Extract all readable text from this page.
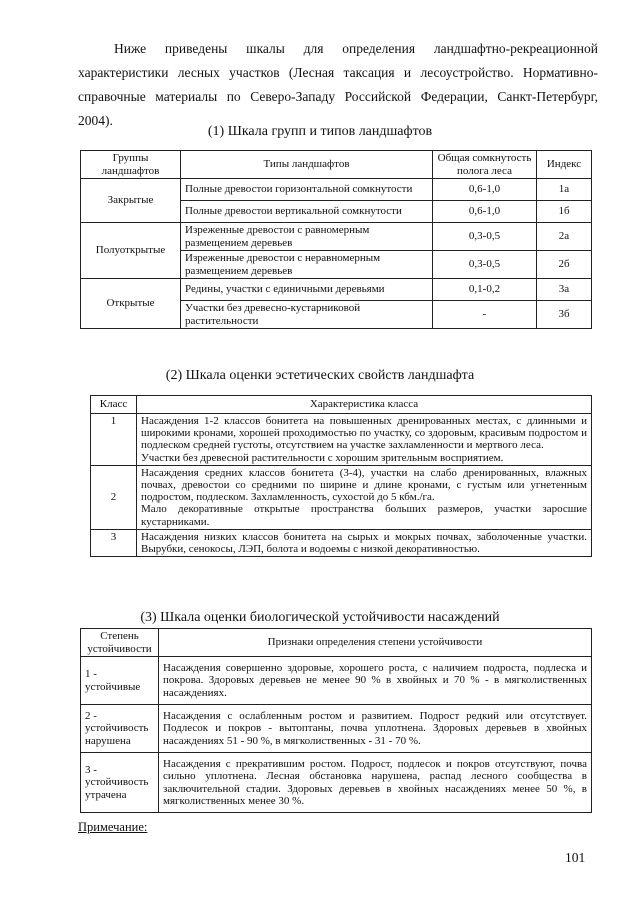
Ниже приведены шкалы для определения ландшафтно-рекреационной характеристики лесных участков (Лесная таксация и лесоустройство. Нормативно-справочные материалы по Северо-Западу Российской Федерации, Санкт-Петербург, 2004).
(1) Шкала групп и типов ландшафтов
Группы ландшафтов	Типы ландшафтов	Общая сомкнутость полога леса	Индекс
Закрытые	Полные древостои горизонтальной сомкнутости	0,6-1,0	1а
	Полные древостои вертикальной сомкнутости	0,6-1,0	1б
Полуоткрытые	Изреженные древостои с равномерным размещением деревьев	0,3-0,5	2а
	Изреженные древостои с неравномерным размещением деревьев	0,3-0,5	2б
Открытые	Редины, участки с единичными деревьями	0,1-0,2	3а
	Участки без древесно-кустарниковой растительности	-	3б
(2) Шкала оценки эстетических свойств ландшафта
Класс	Характеристика класса
1	Насаждения 1-2 классов бонитета на повышенных дренированных местах, с длинными и широкими кронами, хорошей проходимостью по участку, со здоровым, красивым подростом и подлеском средней густоты, отсутствием на участке захламленности и мертвого леса.
Участки без древесной растительности с хорошим зрительным восприятием.

2	Насаждения средних классов бонитета (3-4), участки на слабо дренированных, влажных почвах, древостои со средними по ширине и длине кронами, с густым или угнетенным подростом, подлеском. Захламленность, сухостой до 5 кбм./га.
Мало декоративные открытые пространства больших размеров, участки заросшие кустарниками.

3	Насаждения низких классов бонитета на сырых и мокрых почвах, заболоченные участки. Вырубки, сенокосы, ЛЭП, болота и водоемы с низкой декоративностью.
(3) Шкала оценки биологической устойчивости насаждений
Степень устойчивости	Признаки определения степени устойчивости
1 - устойчивые	Насаждения совершенно здоровые, хорошего роста, с наличием подроста, подлеска и покрова. Здоровых деревьев не менее 90 % в хвойных и 70 % - в мягколиственных насаждениях.
2 - устойчивость нарушена	Насаждения с ослабленным ростом и развитием. Подрост редкий или отсутствует. Подлесок и покров - вытоптаны, почва уплотнена. Здоровых деревьев в хвойных насаждениях 51 - 90 %, в мягколиственных - 31 - 70 %.
3 - устойчивость утрачена	Насаждения с прекратившим ростом. Подрост, подлесок и покров отсутствуют, почва сильно уплотнена. Лесная обстановка нарушена, распад лесного сообщества в заключительной стадии. Здоровых деревьев в хвойных насаждениях менее 50 %, в мягколиственных менее 30 %.
Примечание:
101
